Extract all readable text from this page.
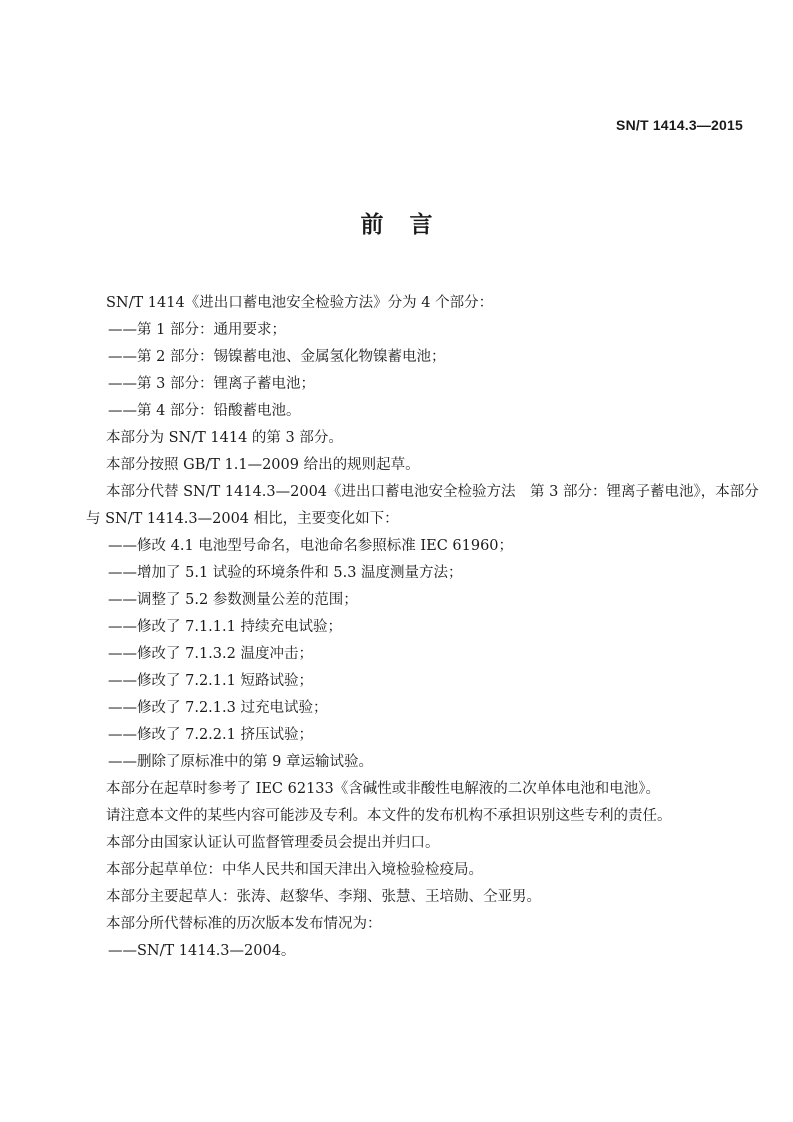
SN/T 1414.3—2015
前言
SN/T 1414《进出口蓄电池安全检验方法》分为 4 个部分：
——第 1 部分：通用要求；
——第 2 部分：锡镍蓄电池、金属氢化物镍蓄电池；
——第 3 部分：锂离子蓄电池；
——第 4 部分：铅酸蓄电池。
本部分为 SN/T 1414 的第 3 部分。
本部分按照 GB/T 1.1—2009 给出的规则起草。
本部分代替 SN/T 1414.3—2004《进出口蓄电池安全检验方法　第 3 部分：锂离子蓄电池》，本部分
与 SN/T 1414.3—2004 相比，主要变化如下：
——修改 4.1 电池型号命名，电池命名参照标准 IEC 61960；
——增加了 5.1 试验的环境条件和 5.3 温度测量方法；
——调整了 5.2 参数测量公差的范围；
——修改了 7.1.1.1 持续充电试验；
——修改了 7.1.3.2 温度冲击；
——修改了 7.2.1.1 短路试验；
——修改了 7.2.1.3 过充电试验；
——修改了 7.2.2.1 挤压试验；
——删除了原标准中的第 9 章运输试验。
本部分在起草时参考了 IEC 62133《含碱性或非酸性电解液的二次单体电池和电池》。
请注意本文件的某些内容可能涉及专利。本文件的发布机构不承担识别这些专利的责任。
本部分由国家认证认可监督管理委员会提出并归口。
本部分起草单位：中华人民共和国天津出入境检验检疫局。
本部分主要起草人：张涛、赵黎华、李翔、张慧、王培勋、仝亚男。
本部分所代替标准的历次版本发布情况为：
——SN/T 1414.3—2004。
